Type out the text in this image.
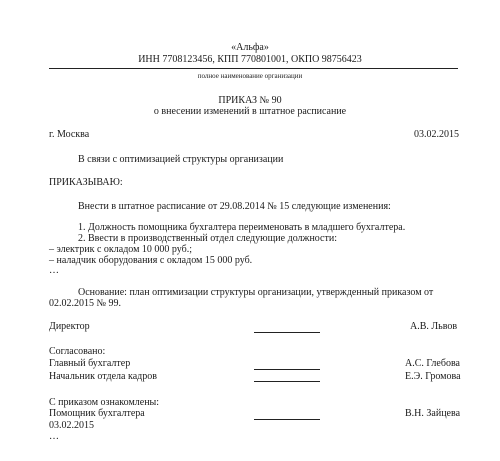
«Альфа»
ИНН 7708123456, КПП 770801001, ОКПО 98756423
полное наименование организации
ПРИКАЗ № 90
о внесении изменений в штатное расписание
г. Москва	03.02.2015
В связи с оптимизацией структуры организации
ПРИКАЗЫВАЮ:
Внести в штатное расписание от 29.08.2014 № 15 следующие изменения:
1. Должность помощника бухгалтера переименовать в младшего бухгалтера.
2. Ввести в производственный отдел следующие должности:
– электрик с окладом 10 000 руб.;
– наладчик оборудования с окладом 15 000 руб.
…
Основание: план оптимизации структуры организации, утвержденный приказом от
02.02.2015 № 99.
Директор	А.В. Львов
Согласовано:
Главный бухгалтер	А.С. Глебова
Начальник отдела кадров	Е.Э. Громова
С приказом ознакомлены:
Помощник бухгалтера	В.Н. Зайцева
03.02.2015
…
